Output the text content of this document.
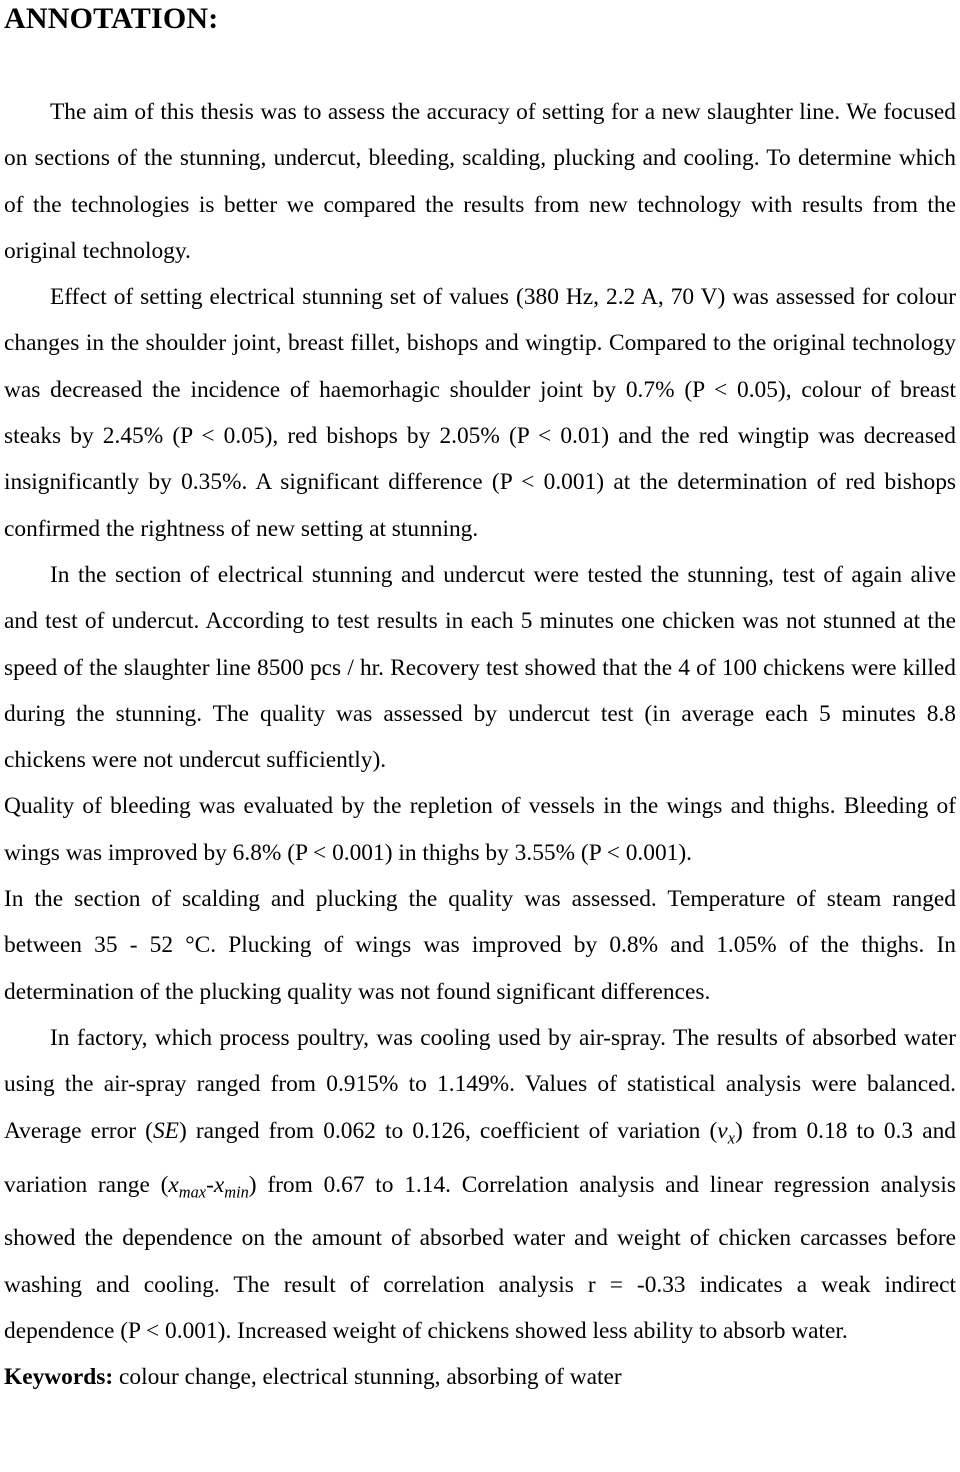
ANNOTATION:

The aim of this thesis was to assess the accuracy of setting for a new slaughter line. We focused on sections of the stunning, undercut, bleeding, scalding, plucking and cooling. To determine which of the technologies is better we compared the results from new technology with results from the original technology.

Effect of setting electrical stunning set of values (380 Hz, 2.2 A, 70 V) was assessed for colour changes in the shoulder joint, breast fillet, bishops and wingtip. Compared to the original technology was decreased the incidence of haemorhagic shoulder joint by 0.7% (P < 0.05), colour of breast steaks by 2.45% (P < 0.05), red bishops by 2.05% (P < 0.01) and the red wingtip was decreased insignificantly by 0.35%. A significant difference (P < 0.001) at the determination of red bishops confirmed the rightness of new setting at stunning.

In the section of electrical stunning and undercut were tested the stunning, test of again alive and test of undercut. According to test results in each 5 minutes one chicken was not stunned at the speed of the slaughter line 8500 pcs / hr. Recovery test showed that the 4 of 100 chickens were killed during the stunning. The quality was assessed by undercut test (in average each 5 minutes 8.8 chickens were not undercut sufficiently).

Quality of bleeding was evaluated by the repletion of vessels in the wings and thighs. Bleeding of wings was improved by 6.8% (P < 0.001) in thighs by 3.55% (P < 0.001).

In the section of scalding and plucking the quality was assessed. Temperature of steam ranged between 35 - 52 °C. Plucking of wings was improved by 0.8% and 1.05% of the thighs. In determination of the plucking quality was not found significant differences.

In factory, which process poultry, was cooling used by air-spray. The results of absorbed water using the air-spray ranged from 0.915% to 1.149%. Values of statistical analysis were balanced. Average error (SE) ranged from 0.062 to 0.126, coefficient of variation $(v_x)$ from 0.18 to 0.3 and variation range $(x_{max}-x_{min})$ from 0.67 to 1.14. Correlation analysis and linear regression analysis showed the dependence on the amount of absorbed water and weight of chicken carcasses before washing and cooling. The result of correlation analysis r = -0.33 indicates a weak indirect dependence (P < 0.001). Increased weight of chickens showed less ability to absorb water.

Keywords: colour change, electrical stunning, absorbing of water
